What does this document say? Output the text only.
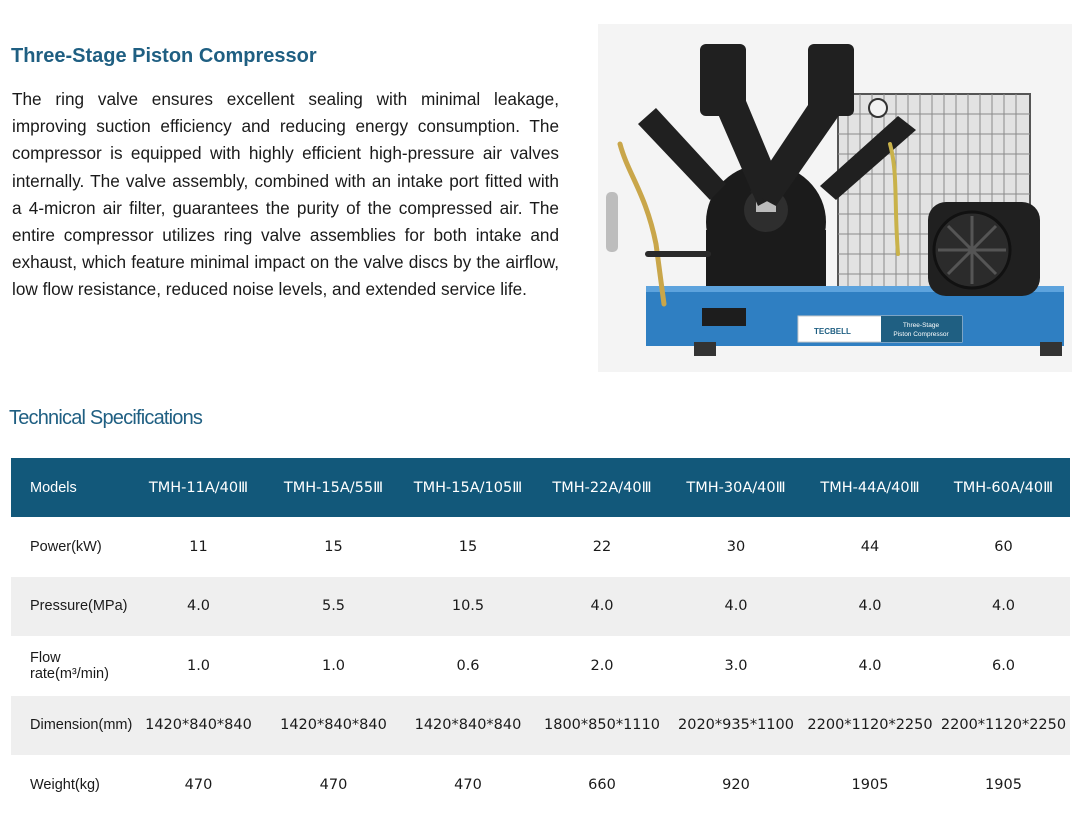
Three-Stage Piston Compressor

The ring valve ensures excellent sealing with minimal leakage, improving suction efficiency and reducing energy consumption. The compressor is equipped with highly efficient high-pressure air valves internally. The valve assembly, combined with an intake port fitted with a 4-micron air filter, guarantees the purity of the compressed air. The entire compressor utilizes ring valve assemblies for both intake and exhaust, which feature minimal impact on the valve discs by the airflow, low flow resistance, reduced noise levels, and extended service life.

TECBELL
Three-Stage
Piston Compressor
Technical Specifications
Models	TMH-11A/40Ⅲ	TMH-15A/55Ⅲ	TMH-15A/105Ⅲ	TMH-22A/40Ⅲ	TMH-30A/40Ⅲ	TMH-44A/40Ⅲ	TMH-60A/40Ⅲ
Power(kW)	11	15	15	22	30	44	60
Pressure(MPa)	4.0	5.5	10.5	4.0	4.0	4.0	4.0
Flow rate(m³/min)	1.0	1.0	0.6	2.0	3.0	4.0	6.0
Dimension(mm)	1420*840*840	1420*840*840	1420*840*840	1800*850*1110	2020*935*1100	2200*1120*2250	2200*1120*2250
Weight(kg)	470	470	470	660	920	1905	1905
